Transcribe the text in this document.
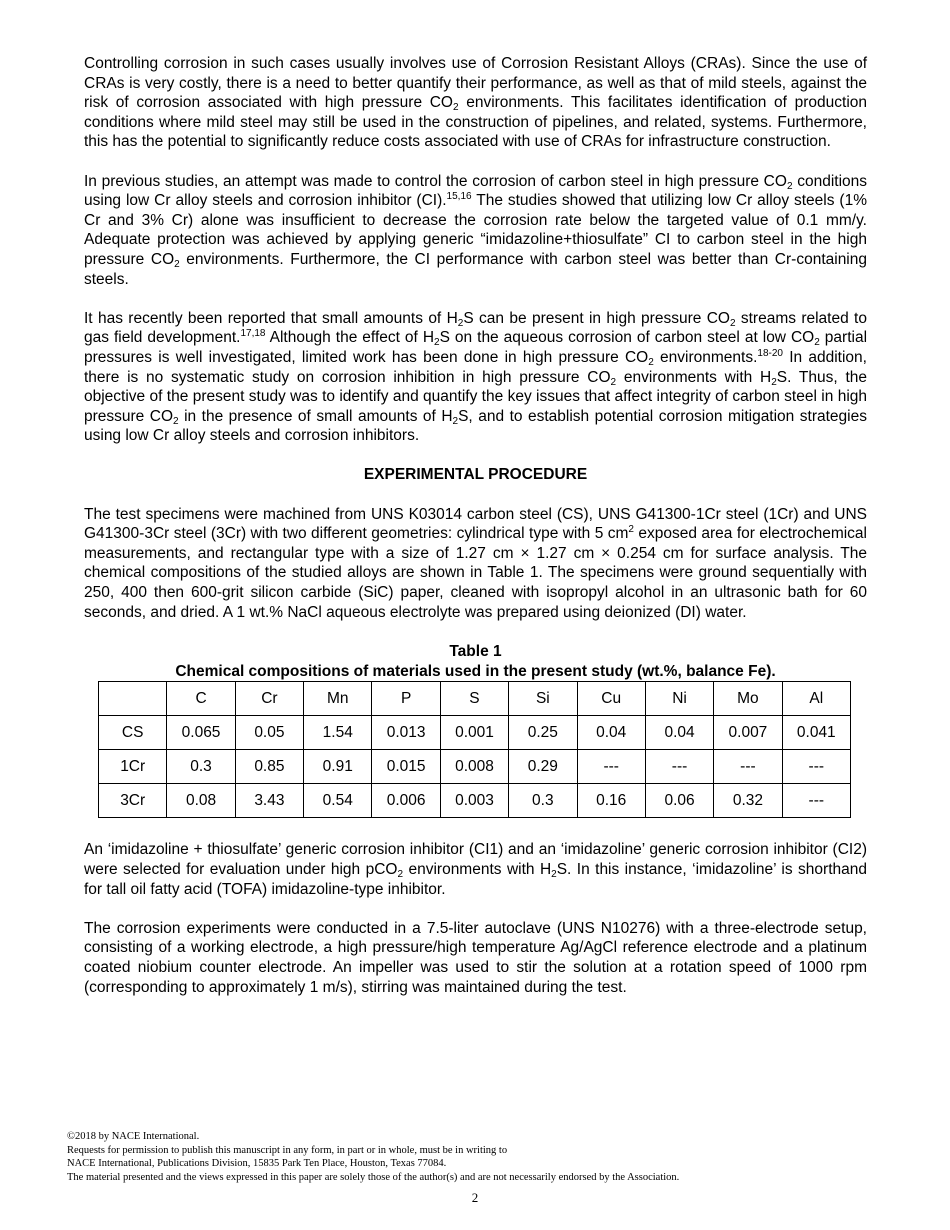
Controlling corrosion in such cases usually involves use of Corrosion Resistant Alloys (CRAs). Since the use of CRAs is very costly, there is a need to better quantify their performance, as well as that of mild steels, against the risk of corrosion associated with high pressure $CO_2$ environments. This facilitates identification of production conditions where mild steel may still be used in the construction of pipelines, and related, systems. Furthermore, this has the potential to significantly reduce costs associated with use of CRAs for infrastructure construction.

In previous studies, an attempt was made to control the corrosion of carbon steel in high pressure $CO_2$ conditions using low Cr alloy steels and corrosion inhibitor (CI).$^{15,16}$ The studies showed that utilizing low Cr alloy steels (1% Cr and 3% Cr) alone was insufficient to decrease the corrosion rate below the targeted value of 0.1 mm/y. Adequate protection was achieved by applying generic “imidazoline+thiosulfate” CI to carbon steel in the high pressure $CO_2$ environments. Furthermore, the CI performance with carbon steel was better than Cr-containing steels.

It has recently been reported that small amounts of $H_2S$ can be present in high pressure $CO_2$ streams related to gas field development.$^{17,18}$ Although the effect of $H_2S$ on the aqueous corrosion of carbon steel at low $CO_2$ partial pressures is well investigated, limited work has been done in high pressure $CO_2$ environments.$^{18-20}$ In addition, there is no systematic study on corrosion inhibition in high pressure $CO_2$ environments with $H_2S$. Thus, the objective of the present study was to identify and quantify the key issues that affect integrity of carbon steel in high pressure $CO_2$ in the presence of small amounts of $H_2S$, and to establish potential corrosion mitigation strategies using low Cr alloy steels and corrosion inhibitors.

EXPERIMENTAL PROCEDURE

The test specimens were machined from UNS K03014 carbon steel (CS), UNS G41300-1Cr steel (1Cr) and UNS G41300-3Cr steel (3Cr) with two different geometries: cylindrical type with 5 $cm^2$ exposed area for electrochemical measurements, and rectangular type with a size of 1.27 cm × 1.27 cm × 0.254 cm for surface analysis. The chemical compositions of the studied alloys are shown in Table 1. The specimens were ground sequentially with 250, 400 then 600-grit silicon carbide (SiC) paper, cleaned with isopropyl alcohol in an ultrasonic bath for 60 seconds, and dried. A 1 wt.% NaCl aqueous electrolyte was prepared using deionized (DI) water.

Table 1
Chemical compositions of materials used in the present study (wt.%, balance Fe).
	C	Cr	Mn	P	S	Si	Cu	Ni	Mo	Al
CS	0.065	0.05	1.54	0.013	0.001	0.25	0.04	0.04	0.007	0.041
1Cr	0.3	0.85	0.91	0.015	0.008	0.29	---	---	---	---
3Cr	0.08	3.43	0.54	0.006	0.003	0.3	0.16	0.06	0.32	---

An ‘imidazoline + thiosulfate’ generic corrosion inhibitor (CI1) and an ‘imidazoline’ generic corrosion inhibitor (CI2) were selected for evaluation under high pCO$_2$ environments with $H_2S$. In this instance, ‘imidazoline’ is shorthand for tall oil fatty acid (TOFA) imidazoline-type inhibitor.

The corrosion experiments were conducted in a 7.5-liter autoclave (UNS N10276) with a three-electrode setup, consisting of a working electrode, a high pressure/high temperature Ag/AgCl reference electrode and a platinum coated niobium counter electrode. An impeller was used to stir the solution at a rotation speed of 1000 rpm (corresponding to approximately 1 m/s), stirring was maintained during the test.

©2018 by NACE International.
Requests for permission to publish this manuscript in any form, in part or in whole, must be in writing to
NACE International, Publications Division, 15835 Park Ten Place, Houston, Texas 77084.
The material presented and the views expressed in this paper are solely those of the author(s) and are not necessarily endorsed by the Association.
2
